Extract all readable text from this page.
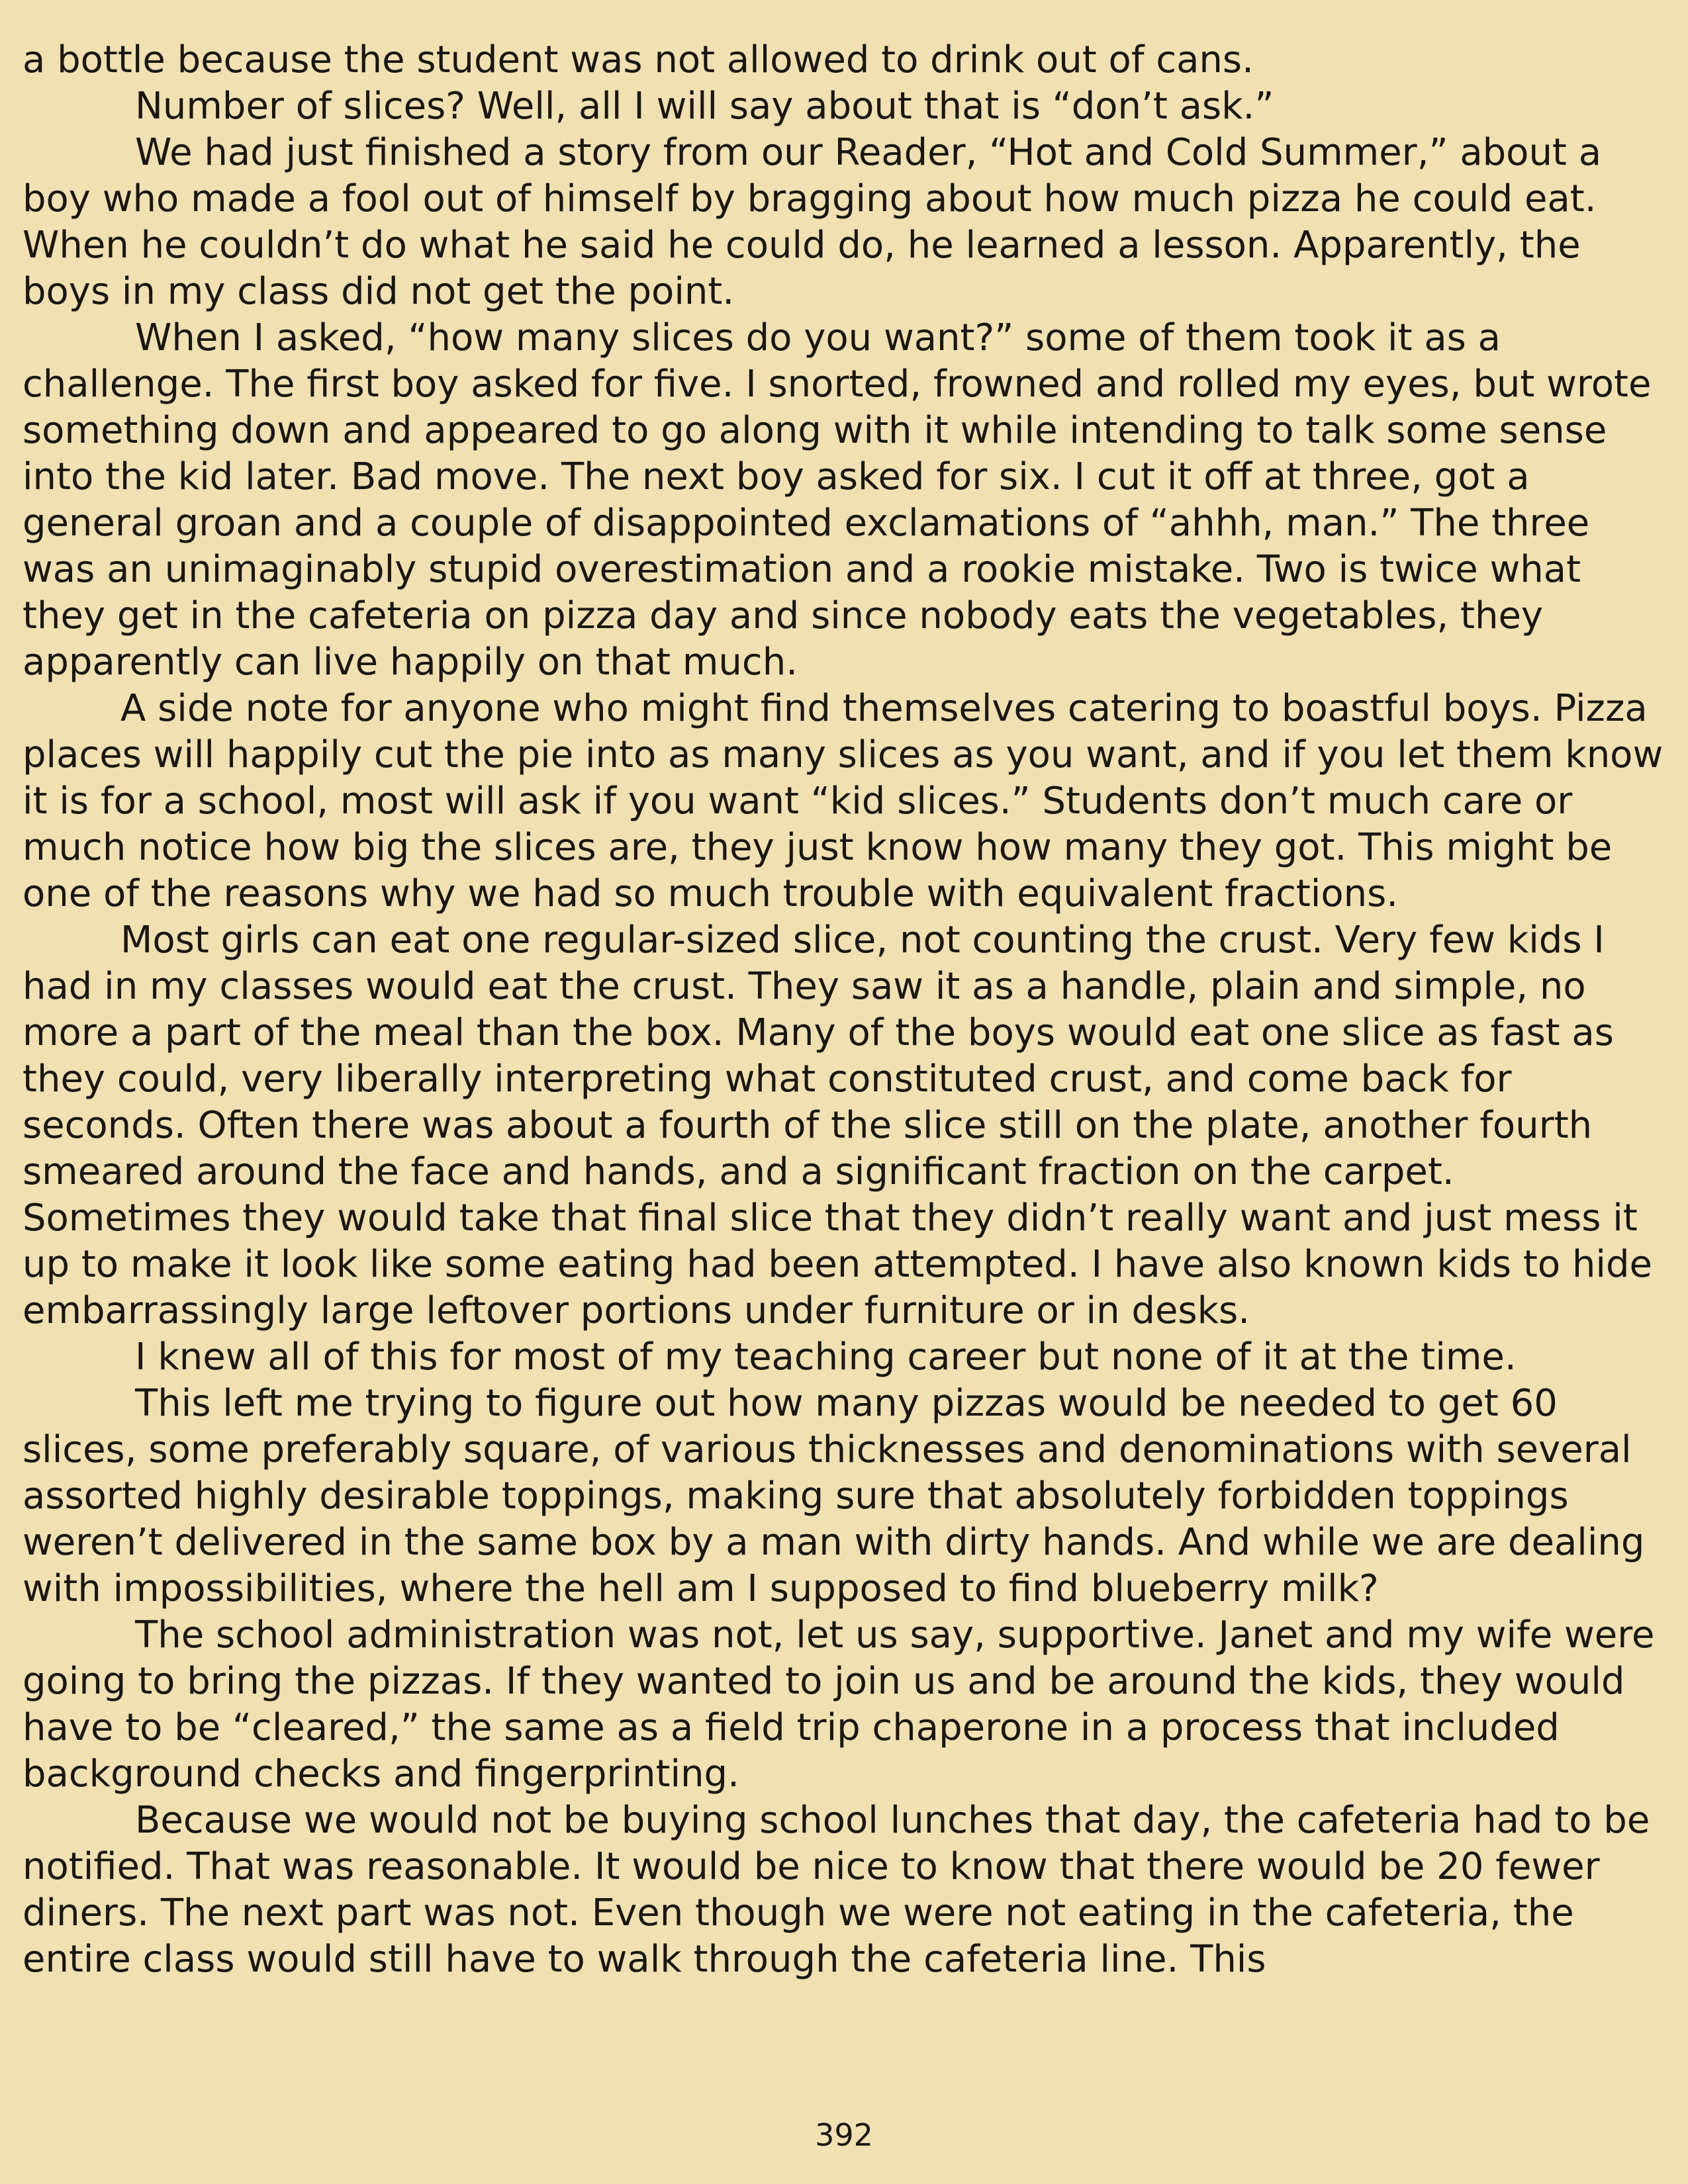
a bottle because the student was not allowed to drink out of cans.

Number of slices? Well, all I will say about that is “don’t ask.”

We had just finished a story from our Reader, “Hot and Cold Summer,” about a boy who made a fool out of himself by bragging about how much pizza he could eat. When he couldn’t do what he said he could do, he learned a lesson. Apparently, the boys in my class did not get the point.

When I asked, “how many slices do you want?” some of them took it as a challenge. The first boy asked for five. I snorted, frowned and rolled my eyes, but wrote something down and appeared to go along with it while intending to talk some sense into the kid later. Bad move. The next boy asked for six. I cut it off at three, got a general groan and a couple of disappointed exclamations of “ahhh, man.” The three was an unimaginably stupid overestimation and a rookie mistake. Two is twice what they get in the cafeteria on pizza day and since nobody eats the vegetables, they apparently can live happily on that much.

A side note for anyone who might find themselves catering to boastful boys. Pizza places will happily cut the pie into as many slices as you want, and if you let them know it is for a school, most will ask if you want “kid slices.” Students don’t much care or much notice how big the slices are, they just know how many they got. This might be one of the reasons why we had so much trouble with equivalent fractions.

Most girls can eat one regular-sized slice, not counting the crust. Very few kids I had in my classes would eat the crust. They saw it as a handle, plain and simple, no more a part of the meal than the box. Many of the boys would eat one slice as fast as they could, very liberally interpreting what constituted crust, and come back for seconds. Often there was about a fourth of the slice still on the plate, another fourth smeared around the face and hands, and a significant fraction on the carpet. Sometimes they would take that final slice that they didn’t really want and just mess it up to make it look like some eating had been attempted. I have also known kids to hide embarrassingly large leftover portions under furniture or in desks.

I knew all of this for most of my teaching career but none of it at the time.

This left me trying to figure out how many pizzas would be needed to get 60 slices, some preferably square, of various thicknesses and denominations with several assorted highly desirable toppings, making sure that absolutely forbidden toppings weren’t delivered in the same box by a man with dirty hands. And while we are dealing with impossibilities, where the hell am I supposed to find blueberry milk?

The school administration was not, let us say, supportive. Janet and my wife were going to bring the pizzas. If they wanted to join us and be around the kids, they would have to be “cleared,” the same as a field trip chaperone in a process that included background checks and fingerprinting.

Because we would not be buying school lunches that day, the cafeteria had to be notified. That was reasonable. It would be nice to know that there would be 20 fewer diners. The next part was not. Even though we were not eating in the cafeteria, the entire class would still have to walk through the cafeteria line. This

392
